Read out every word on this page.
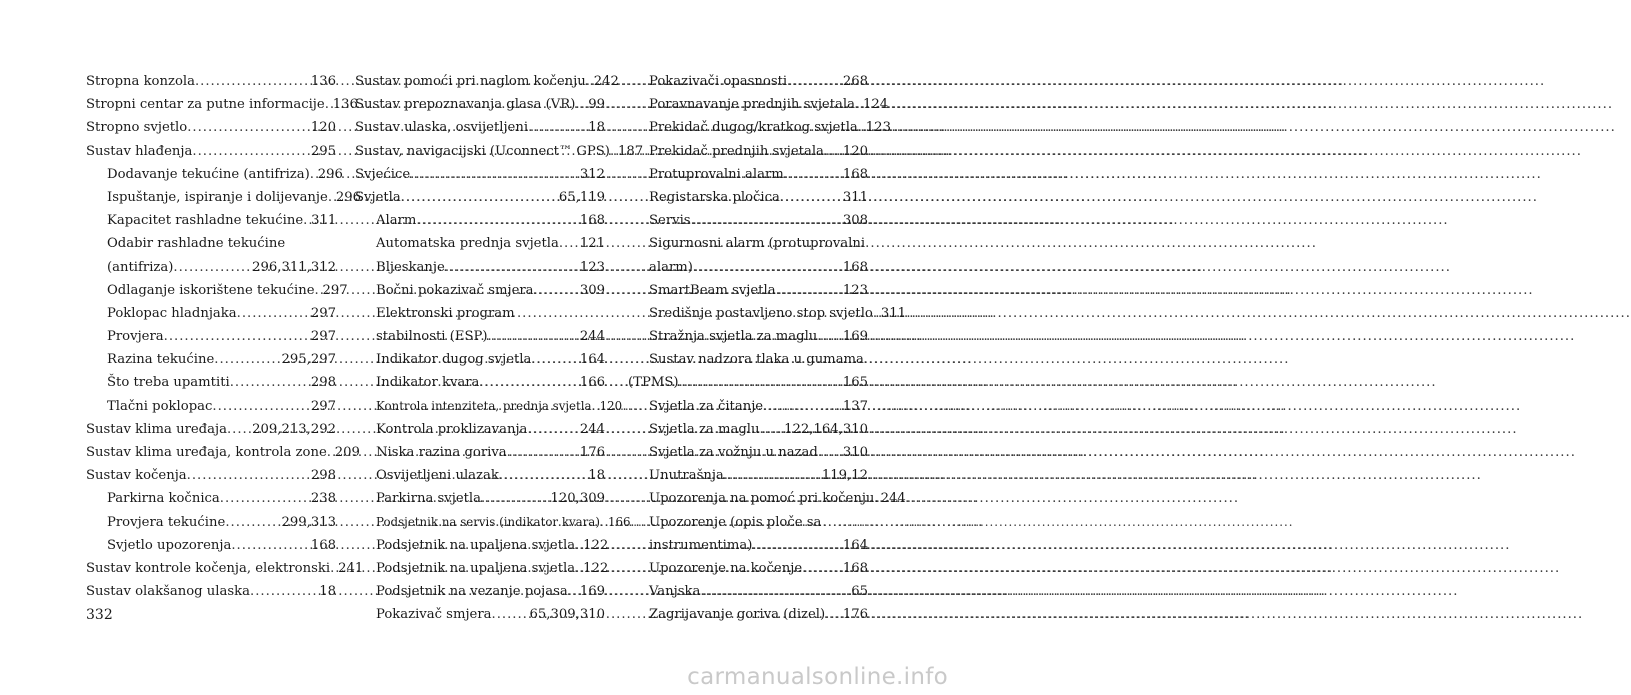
Stropna konzola .....	136
Stropni centar za putne informacije ..... 136
Stropno svjetlo .....	120
Sustav hlađenja .....	295
Dodavanje tekućine (antifriza) ..... 296
Ispuštanje, ispiranje i dolijevanje ..... 296
Kapacitet rashladne tekućine ..... 311
Odabir rashladne tekućine
(antifriza) .....	296,311,312
Odlaganje iskorištene tekućine ..... 297
Poklopac hladnjaka .....	297
Provjera .....	297
Razina tekućine .....	295,297
Što treba upamtiti .....	298
Tlačni poklopac .....	297
Sustav klima uređaja ..... 209,213,292
Sustav klima uređaja, kontrola zone ..... 209
Sustav kočenja .....	298
Parkirna kočnica .....	238
Provjera tekućine .....	299,313
Svjetlo upozorenja .....	168
Sustav kontrole kočenja, elektronski ..... 241
Sustav olakšanog ulaska .....	18
Sustav pomoći pri naglom kočenju ..... 242
Sustav prepoznavanja glasa (VR) ..... 99
Sustav ulaska, osvijetljeni .....	18
Sustav, navigacijski (Uconnect™ GPS) ..... 187
Svjećice .....	312
Svjetla .....	65,119
Alarm .....	168
Automatska prednja svjetla ..... 121
Bljeskanje .....	123
Bočni pokazivač smjera .....	309
Elektronski program
stabilnosti (ESP) .....	244
Indikator dugog svjetla .....	164
Indikator kvara .....	166
Kontrola intenziteta, prednja svjetla ..... 120
Kontrola proklizavanja .....	244
Niska razina goriva .....	176
Osvijetljeni ulazak .....	18
Parkirna svjetla .....	120,309
Podsjetnik na servis (indikator kvara) ..... 166
Podsjetnik na upaljena svjetla ..... 122
Podsjetnik na upaljena svjetla ..... 122
Podsjetnik na vezanje pojasa ..... 169
Pokazivač smjera .....	65,309,310
Pokazivači opasnosti .....	268
Poravnavanje prednjih svjetala ..... 124
Prekidač dugog/kratkog svjetla ..... 123
Prekidač prednjih svjetala ..... 120
Protuprovalni alarm .....	168
Registarska pločica .....	311
Servis .....	308
Sigurnosni alarm (protuprovalni
alarm) .....	168
SmartBeam svjetla .....	123
Središnje postavljeno stop svjetlo ..... 311
Stražnja svjetla za maglu ..... 169
Sustav nadzora tlaka u gumama
(TPMS) .....	165
Svjetla za čitanje .....	137
Svjetla za maglu ..... 122,164,310
Svjetla za vožnju u nazad ..... 310
Unutrašnja .....	119,12
Upozorenja na pomoć pri kočenju. 244
Upozorenje (opis ploče sa
instrumentima) .....	164
Upozorenje na kočenje .....	168
Vanjska .....	65
Zagrijavanje goriva (dizel) ..... 176
332
carmanualsonline.info
